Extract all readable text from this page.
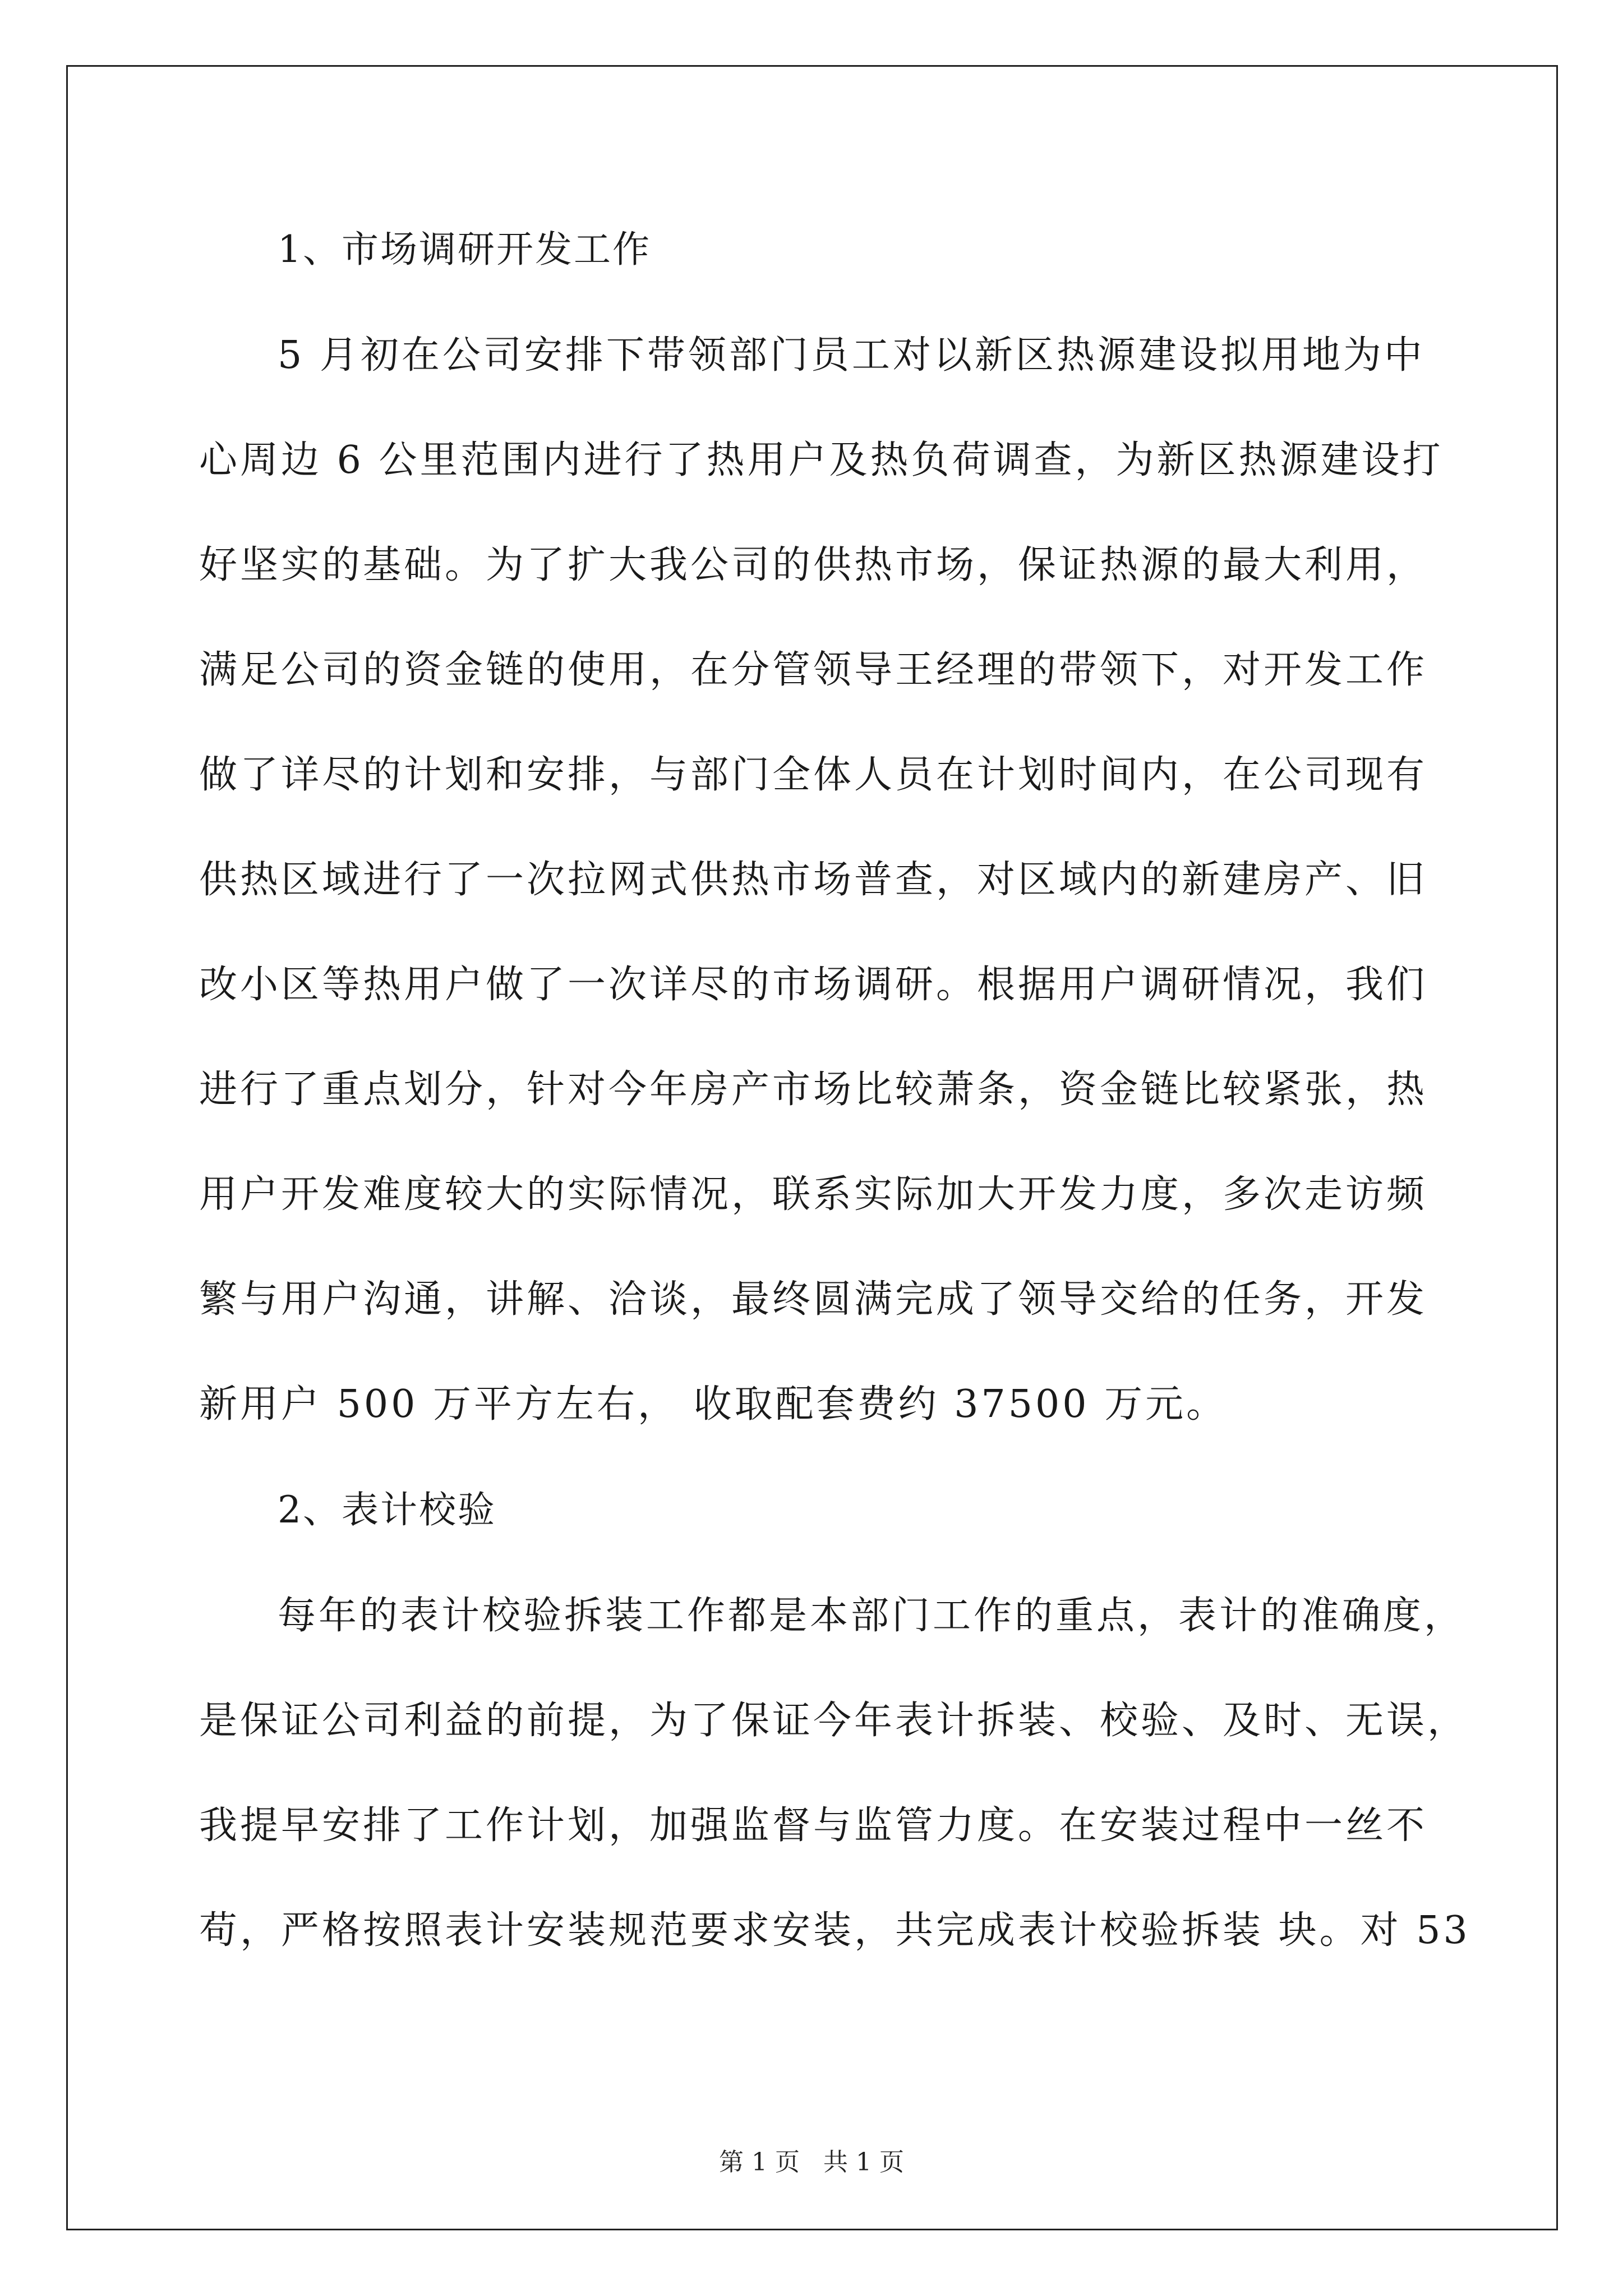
1、市场调研开发工作

5 月初在公司安排下带领部门员工对以新区热源建设拟用地为中

心周边 6 公里范围内进行了热用户及热负荷调查，为新区热源建设打

好坚实的基础。为了扩大我公司的供热市场，保证热源的最大利用，

满足公司的资金链的使用，在分管领导王经理的带领下，对开发工作

做了详尽的计划和安排，与部门全体人员在计划时间内，在公司现有

供热区域进行了一次拉网式供热市场普查，对区域内的新建房产、旧

改小区等热用户做了一次详尽的市场调研。根据用户调研情况，我们

进行了重点划分，针对今年房产市场比较萧条，资金链比较紧张，热

用户开发难度较大的实际情况，联系实际加大开发力度，多次走访频

繁与用户沟通，讲解、洽谈，最终圆满完成了领导交给的任务，开发

新用户 500 万平方左右， 收取配套费约 37500 万元。

2、表计校验

每年的表计校验拆装工作都是本部门工作的重点，表计的准确度，

是保证公司利益的前提，为了保证今年表计拆装、校验、及时、无误，

我提早安排了工作计划，加强监督与监管力度。在安装过程中一丝不

苟，严格按照表计安装规范要求安装，共完成表计校验拆装 块。对 53

第 1 页   共 1 页
